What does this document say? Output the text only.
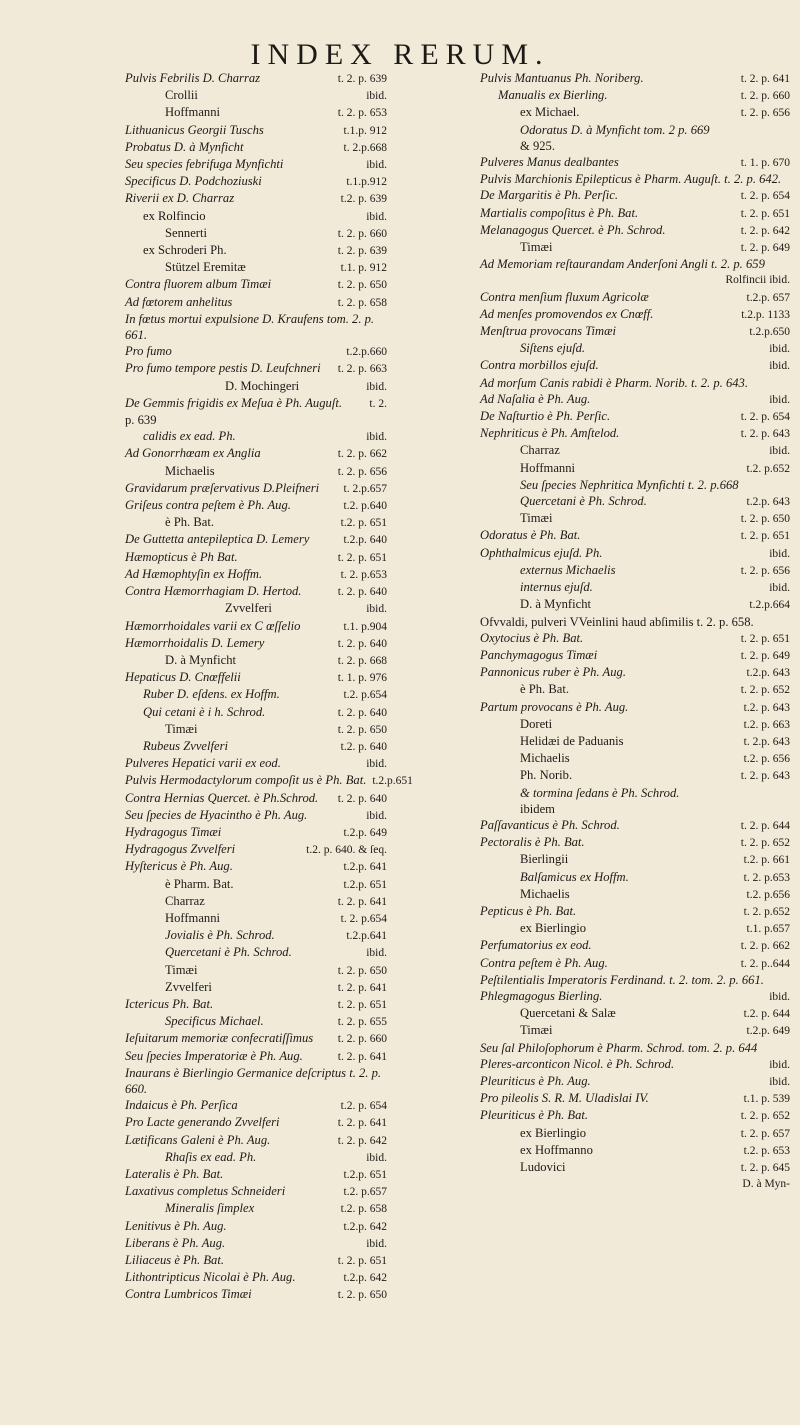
INDEX RERUM.
Pulvis Febrilis D. Charraz	t. 2. p. 639
Crollii	ibid.
Hoffmanni	t. 2. p. 653
Lithuanicus Georgii Tuschs	t.1.p. 912
Probatus D. à Mynficht	t. 2.p.668
Seu species febrifuga Mynfichti	ibid.
Specificus D. Podchoziuski	t.1.p.912
Riverii ex D. Charraz	t.2. p. 639
ex Rolfincio	ibid.
Sennerti	t. 2. p. 660
ex Schroderi Ph.	t. 2. p. 639
Stützel Eremitæ	t.1. p. 912
Contra fluorem album Timæi	t. 2. p. 650
Ad fœtorem anhelitus	t. 2. p. 658
In fœtus mortui expulsione D. Kraufens tom. 2. p. 661.
Pro fumo	t.2.p.660
Pro fumo tempore pestis D. Leufchneri	t. 2. p. 663
D. Mochingeri	ibid.
De Gemmis frigidis ex Meſua è Ph. Auguſt.	t. 2.
p. 639
calidis ex ead. Ph.	ibid.
Ad Gonorrhœam ex Anglia	t. 2. p. 662
Michaelis	t. 2. p. 656
Gravidarum præſervativus D.Pleifneri	t. 2.p.657
Griſeus contra peſtem è Ph. Aug.	t.2. p.640
è Ph. Bat.	t.2. p. 651
De Guttetta antepileptica D. Lemery	t.2.p. 640
Hæmopticus è Ph Bat.	t. 2. p. 651
Ad Hæmophtyſin ex Hoffm.	t. 2. p.653
Contra Hæmorrhagiam D. Hertod.	t. 2. p. 640
Zvvelferi	ibid.
Hæmorrhoidales varii ex C œſſelio	t.1. p.904
Hæmorrhoidalis D. Lemery	t. 2. p. 640
D. à Mynficht	t. 2. p. 668
Hepaticus D. Cnœffelii	t. 1. p. 976
Ruber D. eſdens. ex Hoffm.	t.2. p.654
Qui cetani è i h. Schrod.	t. 2. p. 640
Timæi	t. 2. p. 650
Rubeus Zvvelferi	t.2. p. 640
Pulveres Hepatici varii ex eod.	ibid.
Pulvis Hermodactylorum compoſit us è Ph. Bat. t.2.p.651
Contra Hernias Quercet. è Ph.Schrod.	t. 2. p. 640
Seu ſpecies de Hyacintho è Ph. Aug.	ibid.
Hydragogus Timæi	t.2.p. 649
Hydragogus Zvvelferi	t.2. p. 640. & ſeq.
Hyſtericus è Ph. Aug.	t.2.p. 641
è Pharm. Bat.	t.2.p. 651
Charraz	t. 2. p. 641
Hoffmanni	t. 2. p.654
Jovialis è Ph. Schrod.	t.2.p.641
Quercetani è Ph. Schrod.	ibid.
Timæi	t. 2. p. 650
Zvvelferi	t. 2. p. 641
Ictericus Ph. Bat.	t. 2. p. 651
Specificus Michael.	t. 2. p. 655
Ieſuitarum memoriæ confecratiſſimus	t. 2. p. 660
Seu ſpecies Imperatoriæ è Ph. Aug.	t. 2. p. 641
Inaurans è Bierlingio Germanice deſcriptus t. 2. p. 660.
Indaicus è Ph. Perſica	t.2. p. 654
Pro Lacte generando Zvvelferi	t. 2. p. 641
Lætificans Galeni è Ph. Aug.	t. 2. p. 642
Rhaſis ex ead. Ph.	ibid.
Lateralis è Ph. Bat.	t.2.p. 651
Laxativus completus Schneideri	t.2. p.657
Mineralis ſimplex	t.2. p. 658
Lenitivus è Ph. Aug.	t.2.p. 642
Liberans è Ph. Aug.	ibid.
Liliaceus è Ph. Bat.	t. 2. p. 651
Lithontripticus Nicolai è Ph. Aug.	t.2.p. 642
Contra Lumbricos Timæi	t. 2. p. 650
Pulvis Mantuanus Ph. Noriberg.	t. 2. p. 641
Manualis ex Bierling.	t. 2. p. 660
ex Michael.	t. 2. p. 656
Odoratus D. à Mynficht tom. 2 p. 669
& 925.
Pulveres Manus dealbantes	t. 1. p. 670
Pulvis Marchionis Epilepticus è Pharm. Auguſt. t. 2. p. 642.
De Margaritis è Ph. Perſic.	t. 2. p. 654
Martialis compoſitus è Ph. Bat.	t. 2. p. 651
Melanagogus Quercet. è Ph. Schrod.	t. 2. p. 642
Timæi	t. 2. p. 649
Ad Memoriam reſtaurandam Anderſoni Angli t. 2. p. 659
Rolfincii ibid.
Contra menſium fluxum Agricolæ	t.2.p. 657
Ad menſes promovendos ex Cnœff.	t.2.p. 1133
Menſtrua provocans Timæi	t.2.p.650
Siſtens ejuſd.	ibid.
Contra morbillos ejuſd.	ibid.
Ad morſum Canis rabidi è Pharm. Norib. t. 2. p. 643.
Ad Naſalia è Ph. Aug.	ibid.
De Naſturtio è Ph. Perſic.	t. 2. p. 654
Nephriticus è Ph. Amſtelod.	t. 2. p. 643
Charraz	ibid.
Hoffmanni	t.2. p.652
Seu ſpecies Nephritica Mynfichti t. 2. p.668
Quercetani è Ph. Schrod.	t.2.p. 643
Timæi	t. 2. p. 650
Odoratus è Ph. Bat.	t. 2. p. 651
Ophthalmicus ejuſd. Ph.	ibid.
externus Michaelis	t. 2. p. 656
internus ejuſd.	ibid.
D. à Mynficht	t.2.p.664
Ofvvaldi, pulveri VVeinlini haud abſimilis t. 2. p. 658.
Oxytocius è Ph. Bat.	t. 2. p. 651
Panchymagogus Timæi	t. 2. p. 649
Pannonicus ruber è Ph. Aug.	t.2.p. 643
è Ph. Bat.	t. 2. p. 652
Partum provocans è Ph. Aug.	t.2. p. 643
Doreti	t.2. p. 663
Helidæi de Paduanis	t. 2.p. 643
Michaelis	t.2. p. 656
Ph. Norib.	t. 2. p. 643
& tormina ſedans è Ph. Schrod.
ibidem
Paſſavanticus è Ph. Schrod.	t. 2. p. 644
Pectoralis è Ph. Bat.	t. 2. p. 652
Bierlingii	t.2. p. 661
Balſamicus ex Hoffm.	t. 2. p.653
Michaelis	t.2. p.656
Pepticus è Ph. Bat.	t. 2. p.652
ex Bierlingio	t.1. p.657
Perfumatorius ex eod.	t. 2. p. 662
Contra peſtem è Ph. Aug.	t. 2. p..644
Peſtilentialis Imperatoris Ferdinand. t. 2. tom. 2. p. 661.
Phlegmagogus Bierling.	ibid.
Quercetani & Salæ	t.2. p. 644
Timæi	t.2.p. 649
Seu ſal Philoſophorum è Pharm. Schrod. tom. 2. p. 644
Pleres-arconticon Nicol. è Ph. Schrod.	ibid.
Pleuriticus è Ph. Aug.	ibid.
Pro pileolis S. R. M. Uladislai IV.	t.1. p. 539
Pleuriticus è Ph. Bat.	t. 2. p. 652
ex Bierlingio	t. 2. p. 657
ex Hoffmanno	t.2. p. 653
Ludovici	t. 2. p. 645
D. à Myn-
